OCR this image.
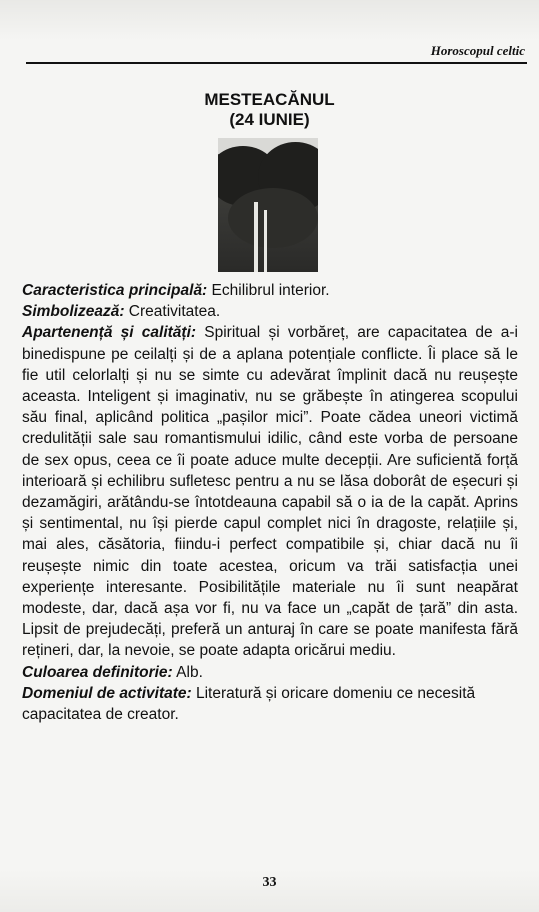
Horoscopul celtic
MESTEACĂNUL
(24 IUNIE)

Caracteristica principală: Echilibrul interior.

Simbolizează: Creativitatea.

Apartenență și calități: Spiritual și vorbăreț, are capacitatea de a-i binedispune pe ceilalți și de a aplana potențiale conflicte. Îi place să le fie util celorlalți și nu se simte cu adevărat împlinit dacă nu reușește aceasta. Inteligent și imaginativ, nu se grăbește în atingerea scopului său final, aplicând politica „pașilor mici”. Poate cădea uneori victimă credulității sale sau romantismului idilic, când este vorba de persoane de sex opus, ceea ce îi poate aduce multe decepții. Are suficientă forță interioară și echilibru sufletesc pentru a nu se lăsa doborât de eșecuri și dezamăgiri, arătându-se întotdeauna capabil să o ia de la capăt. Aprins și sentimental, nu își pierde capul complet nici în dragoste, relațiile și, mai ales, căsătoria, fiindu-i perfect compatibile și, chiar dacă nu îi reușește nimic din toate acestea, oricum va trăi satisfacția unei experiențe interesante. Posibilitățile materiale nu îi sunt neapărat modeste, dar, dacă așa vor fi, nu va face un „capăt de țară” din asta. Lipsit de prejudecăți, preferă un anturaj în care se poate manifesta fără rețineri, dar, la nevoie, se poate adapta oricărui mediu.

Culoarea definitorie: Alb.

Domeniul de activitate: Literatură și oricare domeniu ce necesită capacitatea de creator.

33
